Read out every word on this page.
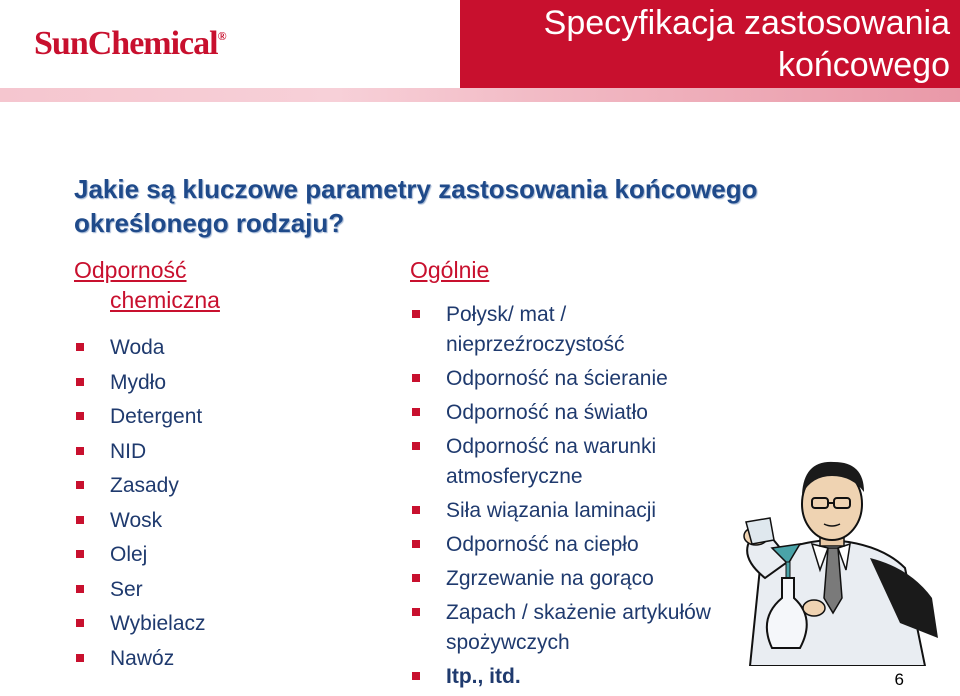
SunChemical®	Specyfikacja zastosowania końcowego
Jakie są kluczowe parametry zastosowania końcowego określonego rodzaju?
Odporność
chemiczna
Woda
Mydło
Detergent
NID
Zasady
Wosk
Olej
Ser
Wybielacz
Nawóz
Ogólnie
Połysk/ mat / nieprzeźroczystość
Odporność na ścieranie
Odporność na światło
Odporność na warunki atmosferyczne
Siła wiązania laminacji
Odporność na ciepło
Zgrzewanie na gorąco
Zapach / skażenie artykułów spożywczych
Itp., itd.	6
